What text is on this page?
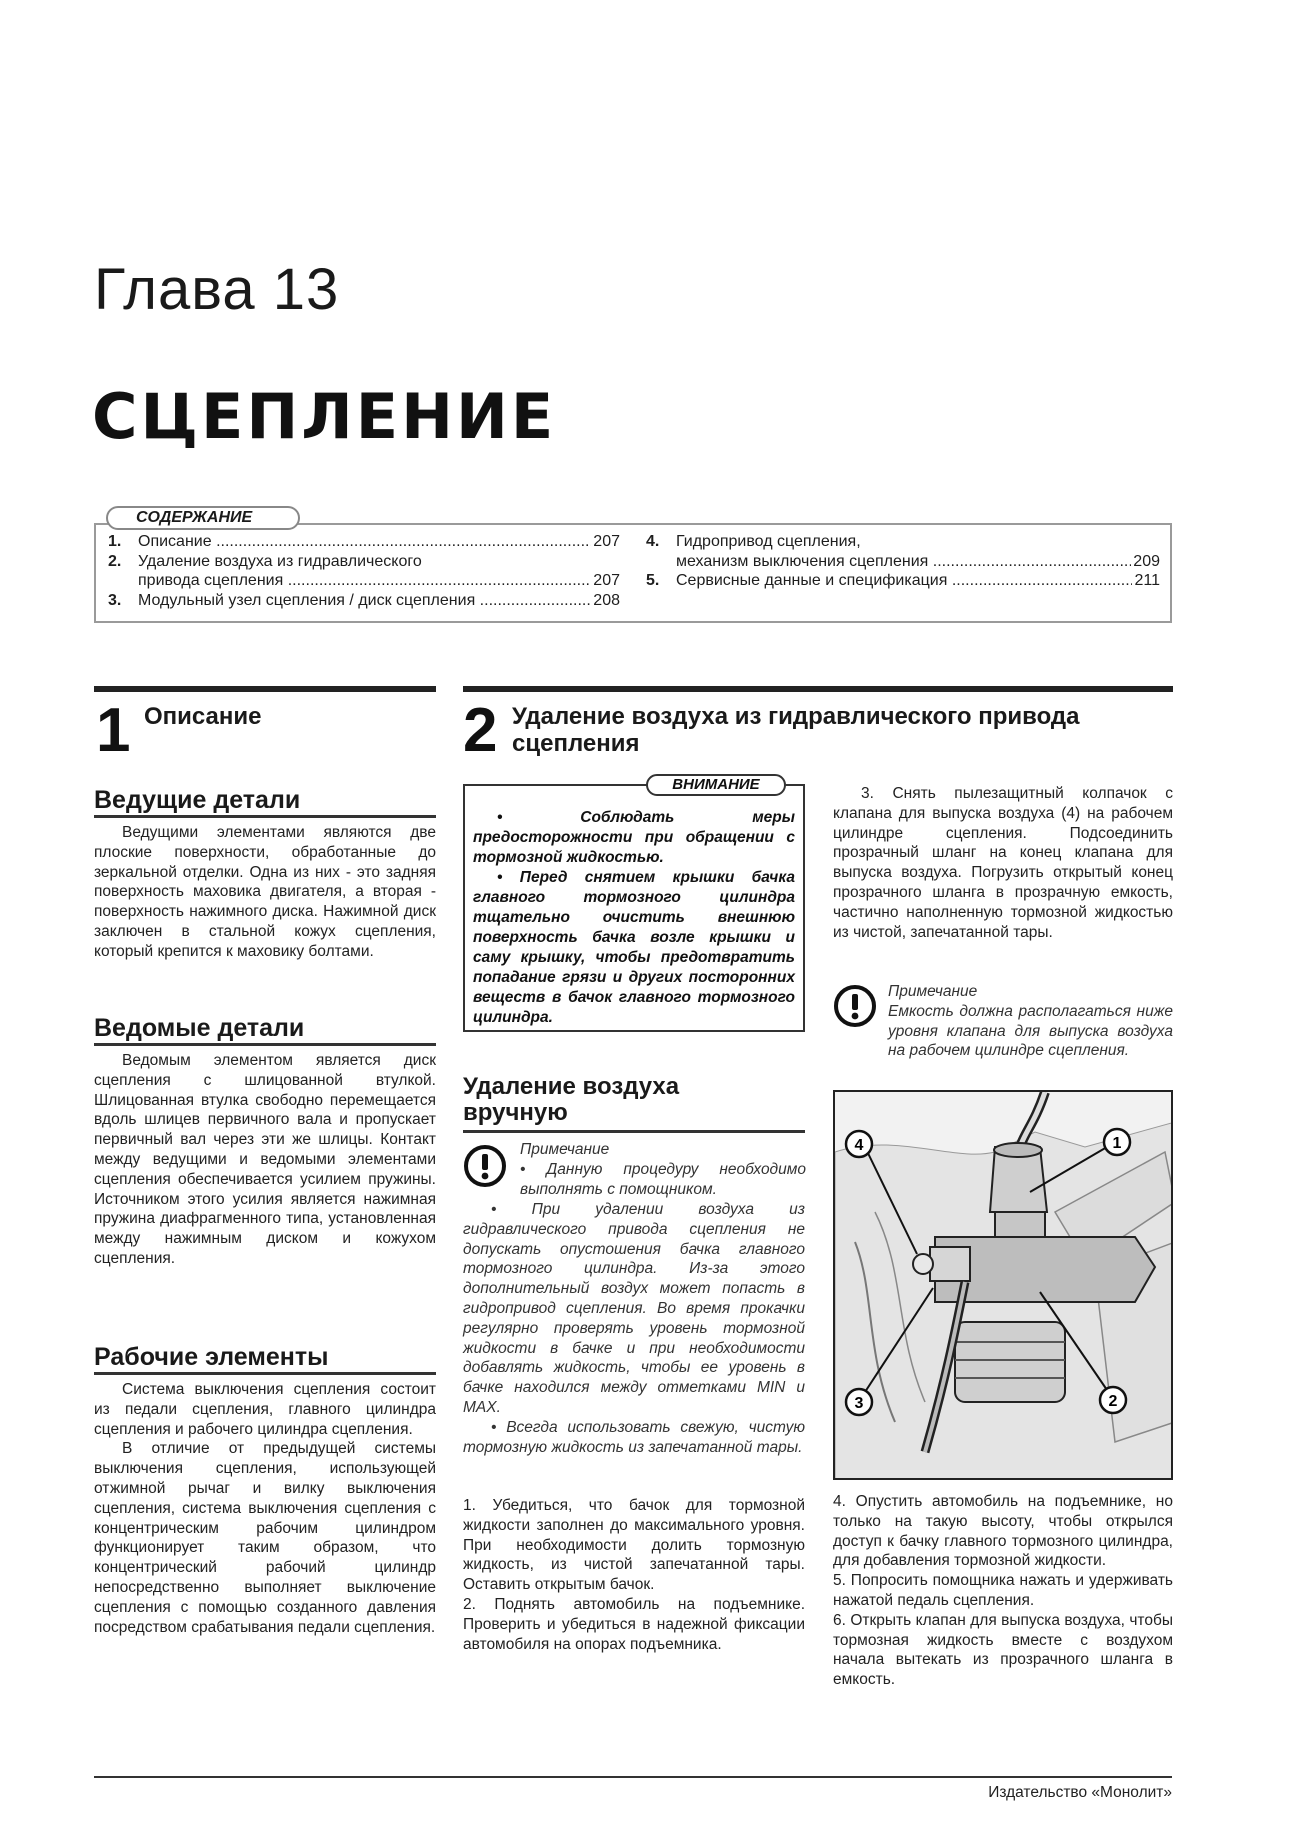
Глава 13
СЦЕПЛЕНИЕ
СОДЕРЖАНИЕ
1.	Описание .....	207
2.	Удаление воздуха из гидравлического
привода сцепления .....	207
3.	Модульный узел сцепления / диск сцепления .....	208
4.	Гидропривод сцепления,
механизм выключения сцепления .....	209
5.	Сервисные данные и спецификация .....	211
1 Описание
Ведущие детали

Ведущими элементами являются две плоские поверхности, обработанные до зеркальной отделки. Одна из них - это задняя поверхность маховика двигателя, а вторая - поверхность нажимного диска. Нажимной диск заключен в стальной кожух сцепления, который крепится к маховику болтами.

Ведомые детали

Ведомым элементом является диск сцепления с шлицованной втулкой. Шлицованная втулка свободно перемещается вдоль шлицев первичного вала и пропускает первичный вал через эти же шлицы. Контакт между ведущими и ведомыми элементами сцепления обеспечивается усилием пружины. Источником этого усилия является нажимная пружина диафрагменного типа, установленная между нажимным диском и кожухом сцепления.

Рабочие элементы

Система выключения сцепления состоит из педали сцепления, главного цилиндра сцепления и рабочего цилиндра сцепления.

В отличие от предыдущей системы выключения сцепления, использующей отжимной рычаг и вилку выключения сцепления, система выключения сцепления с концентрическим рабочим цилиндром функционирует таким образом, что концентрический рабочий цилиндр непосредственно выполняет выключение сцепления с помощью созданного давления посредством срабатывания педали сцепления.

2 Удаление воздуха из гидравлического привода
сцепления
ВНИМАНИЕ

• Соблюдать меры предосторожности при обращении с тормозной жидкостью.

• Перед снятием крышки бачка главного тормозного цилиндра тщательно очистить внешнюю поверхность бачка возле крышки и саму крышку, чтобы предотвратить попадание грязи и других посторонних веществ в бачок главного тормозного цилиндра.

Удаление воздуха
вручную
Примечание

• Данную процедуру необходимо выполнять с помощником.

• При удалении воздуха из гидравлического привода сцепления не допускать опустошения бачка главного тормозного цилиндра. Из-за этого дополнительный воздух может попасть в гидропривод сцепления. Во время прокачки регулярно проверять уровень тормозной жидкости в бачке и при необходимости добавлять жидкость, чтобы ее уровень в бачке находился между отметками MIN и MAX.

• Всегда использовать свежую, чистую тормозную жидкость из запечатанной тары.

1. Убедиться, что бачок для тормозной жидкости заполнен до максимального уровня. При необходимости долить тормозную жидкость, из чистой запечатанной тары. Оставить открытым бачок.

2. Поднять автомобиль на подъемнике. Проверить и убедиться в надежной фиксации автомобиля на опорах подъемника.

3. Снять пылезащитный колпачок с клапана для выпуска воздуха (4) на рабочем цилиндре сцепления. Подсоединить прозрачный шланг на конец клапана для выпуска воздуха. Погрузить открытый конец прозрачного шланга в прозрачную емкость, частично наполненную тормозной жидкостью из чистой, запечатанной тары.

Примечание
Емкость должна располагаться ниже уровня клапана для выпуска воздуха на рабочем цилиндре сцепления.
1
2
3
4

4. Опустить автомобиль на подъемнике, но только на такую высоту, чтобы открылся доступ к бачку главного тормозного цилиндра, для добавления тормозной жидкости.

5. Попросить помощника нажать и удерживать нажатой педаль сцепления.

6. Открыть клапан для выпуска воздуха, чтобы тормозная жидкость вместе с воздухом начала вытекать из прозрачного шланга в емкость.

Издательство «Монолит»
